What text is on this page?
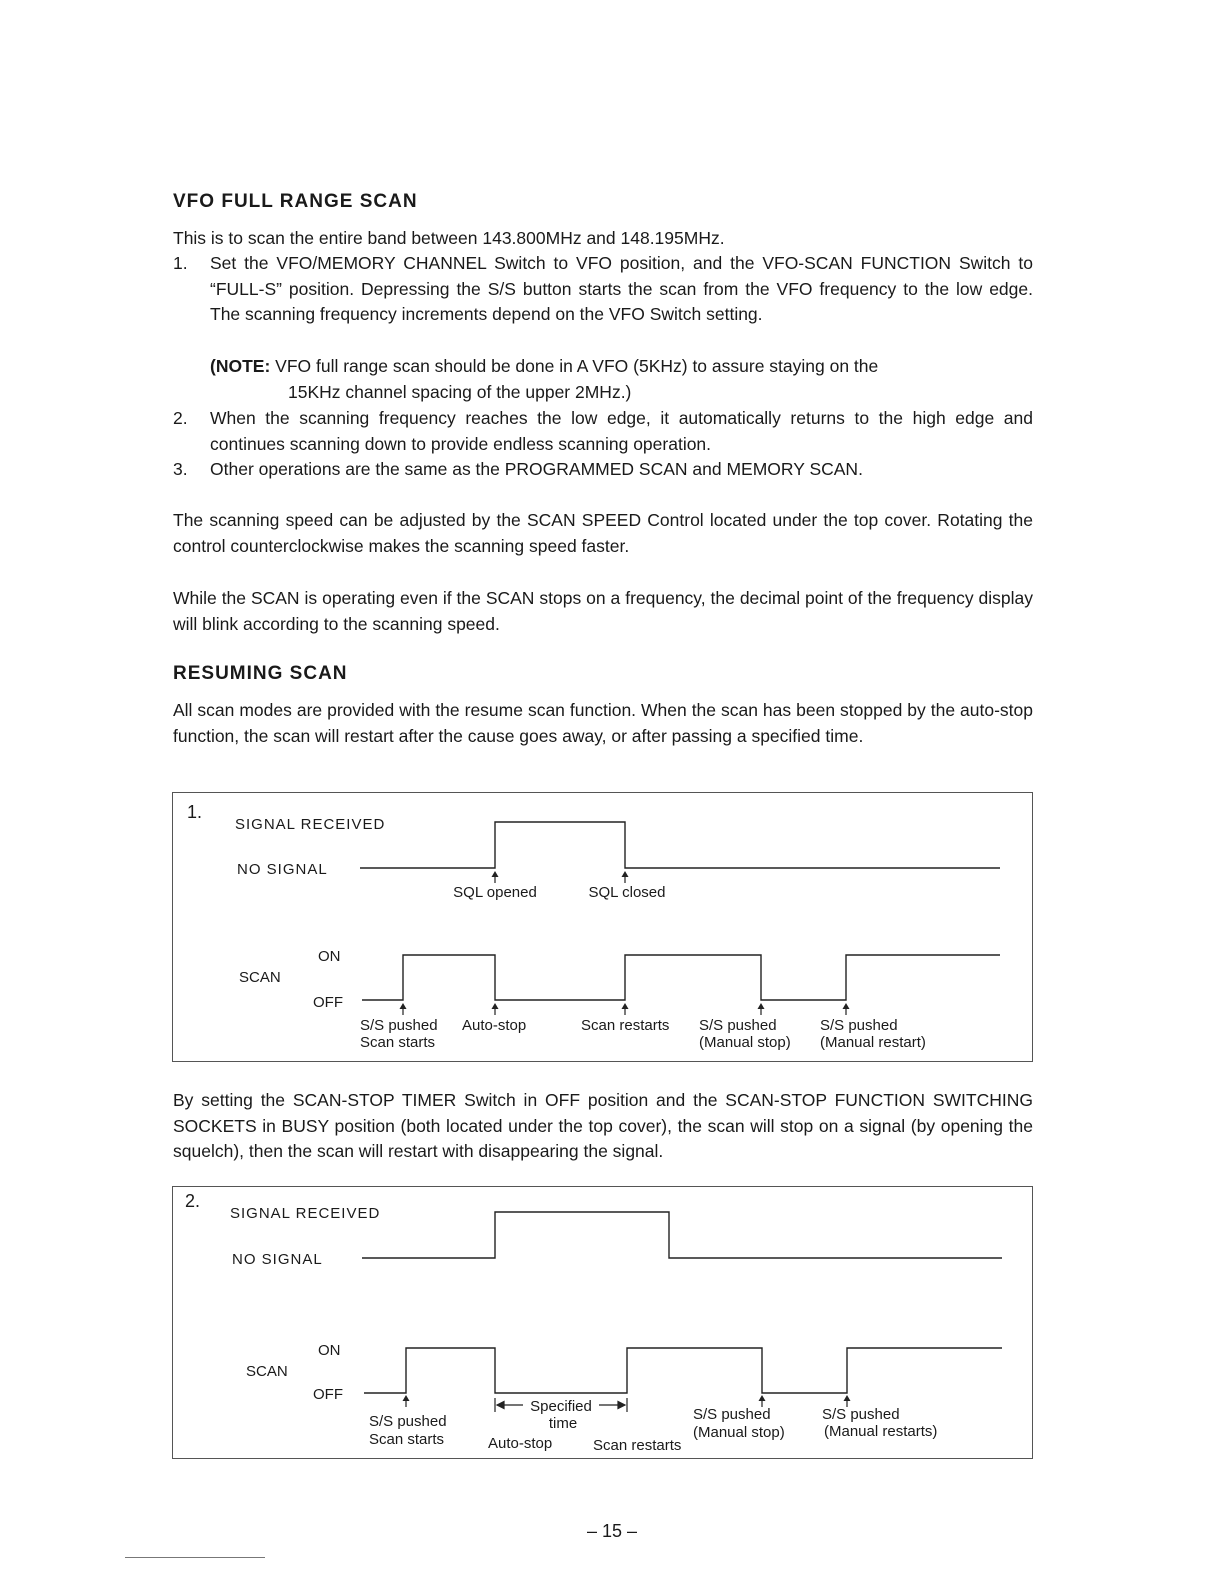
VFO FULL RANGE SCAN
This is to scan the entire band between 143.800MHz and 148.195MHz.
1.	Set the VFO/MEMORY CHANNEL Switch to VFO position, and the VFO-SCAN FUNCTION Switch to “FULL-S” position. Depressing the S/S button starts the scan from the VFO frequency to the low edge. The scanning frequency increments depend on the VFO Switch setting.
(NOTE: VFO full range scan should be done in A VFO (5KHz) to assure staying on the
15KHz channel spacing of the upper 2MHz.)
2.	When the scanning frequency reaches the low edge, it automatically returns to the high edge and continues scanning down to provide endless scanning operation.
3.	Other operations are the same as the PROGRAMMED SCAN and MEMORY SCAN.
The scanning speed can be adjusted by the SCAN SPEED Control located under the top cover. Rotating the control counterclockwise makes the scanning speed faster.
While the SCAN is operating even if the SCAN stops on a frequency, the decimal point of the frequency display will blink according to the scanning speed.
RESUMING SCAN
All scan modes are provided with the resume scan function. When the scan has been stopped by the auto-stop function, the scan will restart after the cause goes away, or after passing a specified time.
1.
SIGNAL RECEIVED
NO SIGNAL
SQL opened	SQL closed
ON
SCAN
OFF
S/S pushed
Scan starts
Auto-stop	Scan restarts S/S pushed
(Manual stop)
S/S pushed
(Manual restart)
By setting the SCAN-STOP TIMER Switch in OFF position and the SCAN-STOP FUNCTION SWITCHING SOCKETS in BUSY position (both located under the top cover), the scan will stop on a signal (by opening the squelch), then the scan will restart with disappearing the signal.
2.
SIGNAL RECEIVED
NO SIGNAL
ON
SCAN
OFF
Specified
time
S/S pushed
Scan starts	Auto-stop	Scan restarts
S/S pushed
(Manual stop)
S/S pushed
(Manual restarts)
– 15 –
